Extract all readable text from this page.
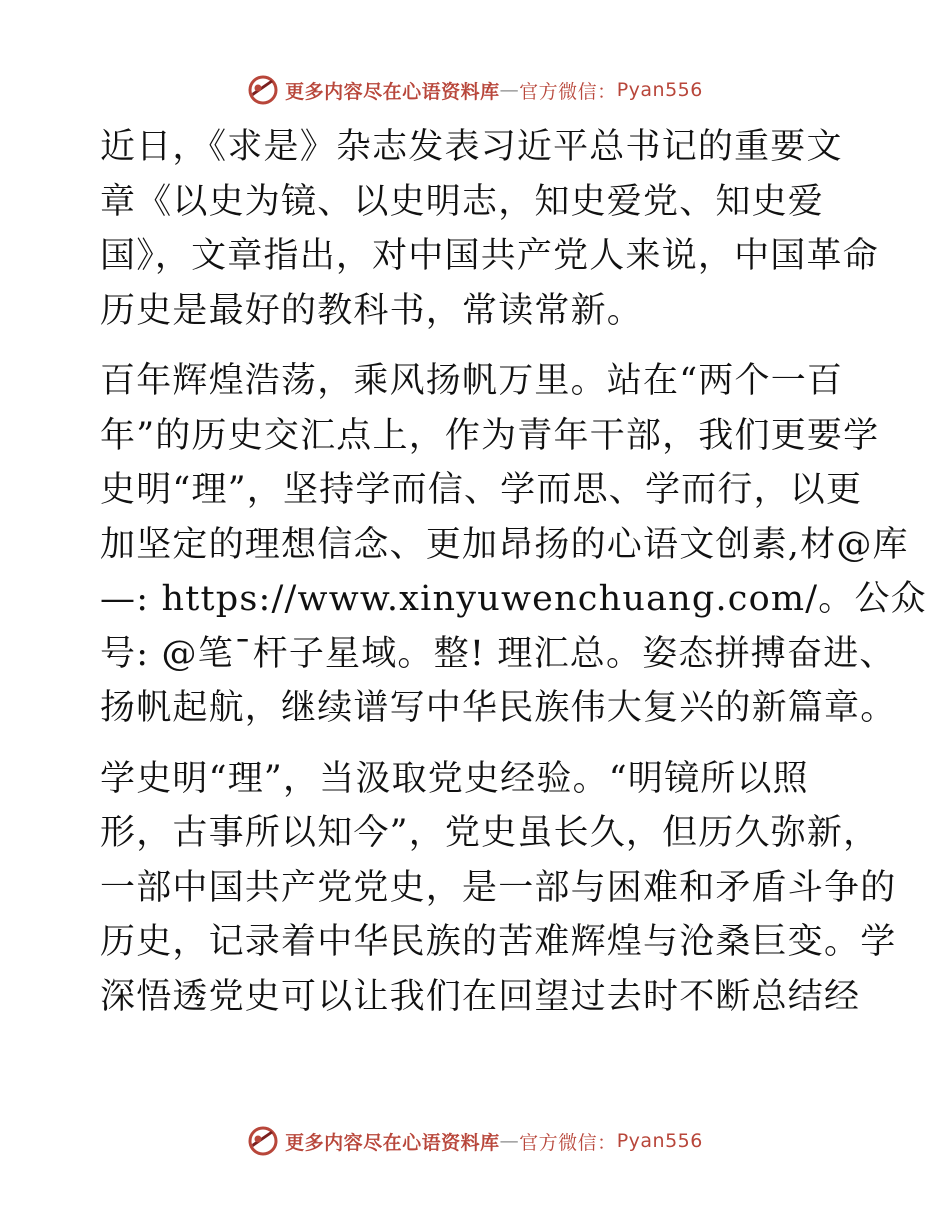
更多内容尽在心语资料库 — 官方微信： Pyan556

近日，《求是》杂志发表习近平总书记的重要文
章《以史为镜、以史明志，知史爱党、知史爱
国》，文章指出，对中国共产党人来说，中国革命
历史是最好的教科书，常读常新。

百年辉煌浩荡，乘风扬帆万里。站在“两个一百
年”的历史交汇点上，作为青年干部，我们更要学
史明“理”，坚持学而信、学而思、学而行，以更
加坚定的理想信念、更加昂扬的心语文创素,材@库
—: https://www.xinyuwenchuang.com/。公众
号: @笔¯杆子星域。整! 理汇总。姿态拼搏奋进、
扬帆起航，继续谱写中华民族伟大复兴的新篇章。

学史明“理”，当汲取党史经验。“明镜所以照
形，古事所以知今”，党史虽长久，但历久弥新，
一部中国共产党党史，是一部与困难和矛盾斗争的
历史，记录着中华民族的苦难辉煌与沧桑巨变。学
深悟透党史可以让我们在回望过去时不断总结经

更多内容尽在心语资料库 — 官方微信： Pyan556
